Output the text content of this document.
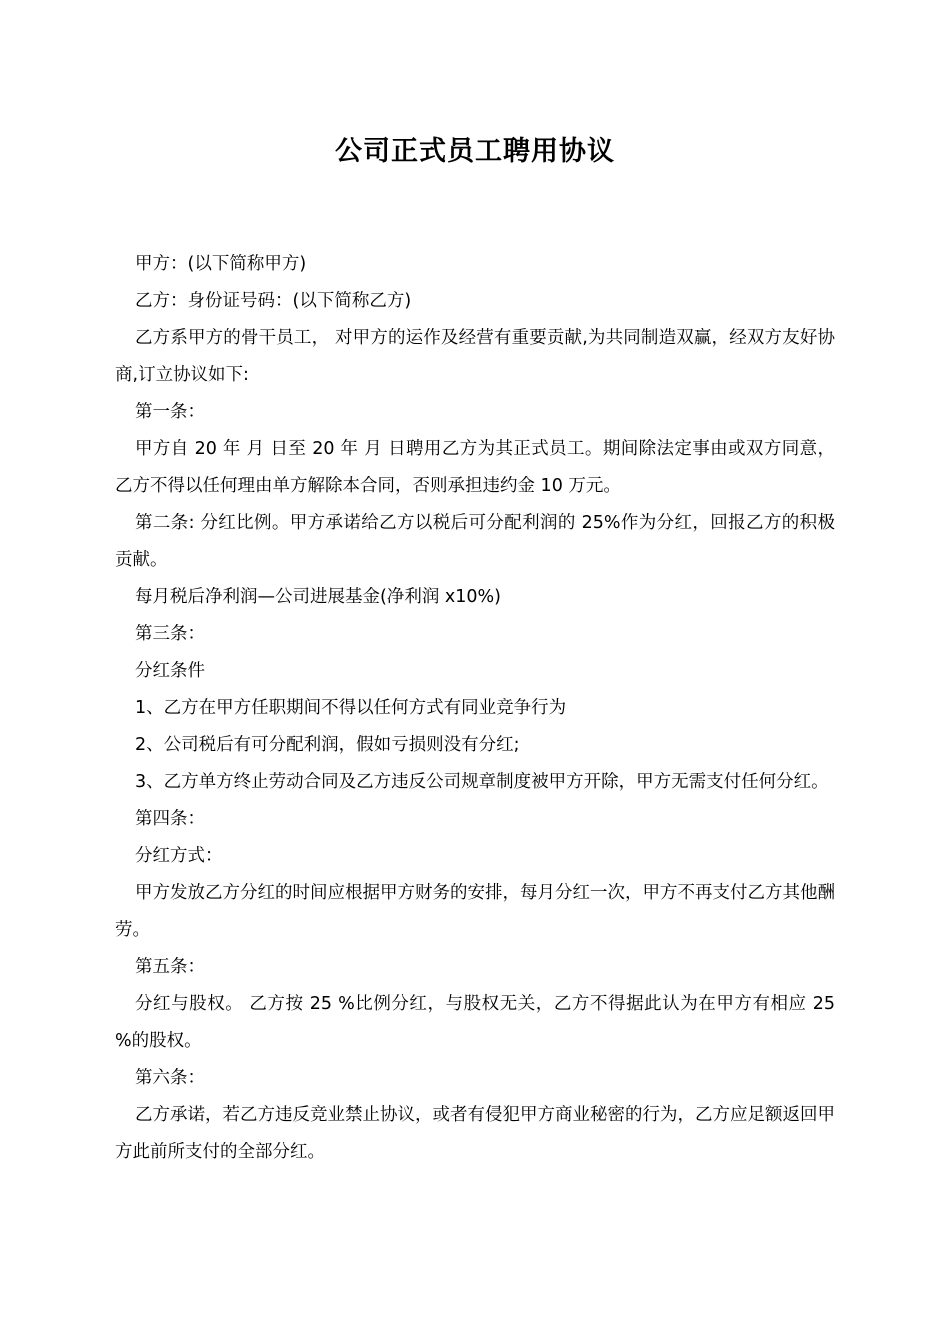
公司正式员工聘用协议

甲方：(以下简称甲方)

乙方：身份证号码：(以下简称乙方)

乙方系甲方的骨干员工， 对甲方的运作及经营有重要贡献,为共同制造双赢，经双方友好协商,订立协议如下:

第一条：

甲方自 20 年 月 日至 20 年 月 日聘用乙方为其正式员工。期间除法定事由或双方同意，乙方不得以任何理由单方解除本合同，否则承担违约金 10 万元。

第二条: 分红比例。甲方承诺给乙方以税后可分配利润的 25%作为分红，回报乙方的积极贡献。

每月税后净利润—公司进展基金(净利润 x10%)

第三条：

分红条件

1、乙方在甲方任职期间不得以任何方式有同业竞争行为

2、公司税后有可分配利润，假如亏损则没有分红;

3、乙方单方终止劳动合同及乙方违反公司规章制度被甲方开除，甲方无需支付任何分红。

第四条：

分红方式：

甲方发放乙方分红的时间应根据甲方财务的安排，每月分红一次，甲方不再支付乙方其他酬劳。

第五条：

分红与股权。 乙方按 25 %比例分红，与股权无关，乙方不得据此认为在甲方有相应 25 %的股权。

第六条：

乙方承诺，若乙方违反竞业禁止协议，或者有侵犯甲方商业秘密的行为，乙方应足额返回甲方此前所支付的全部分红。
